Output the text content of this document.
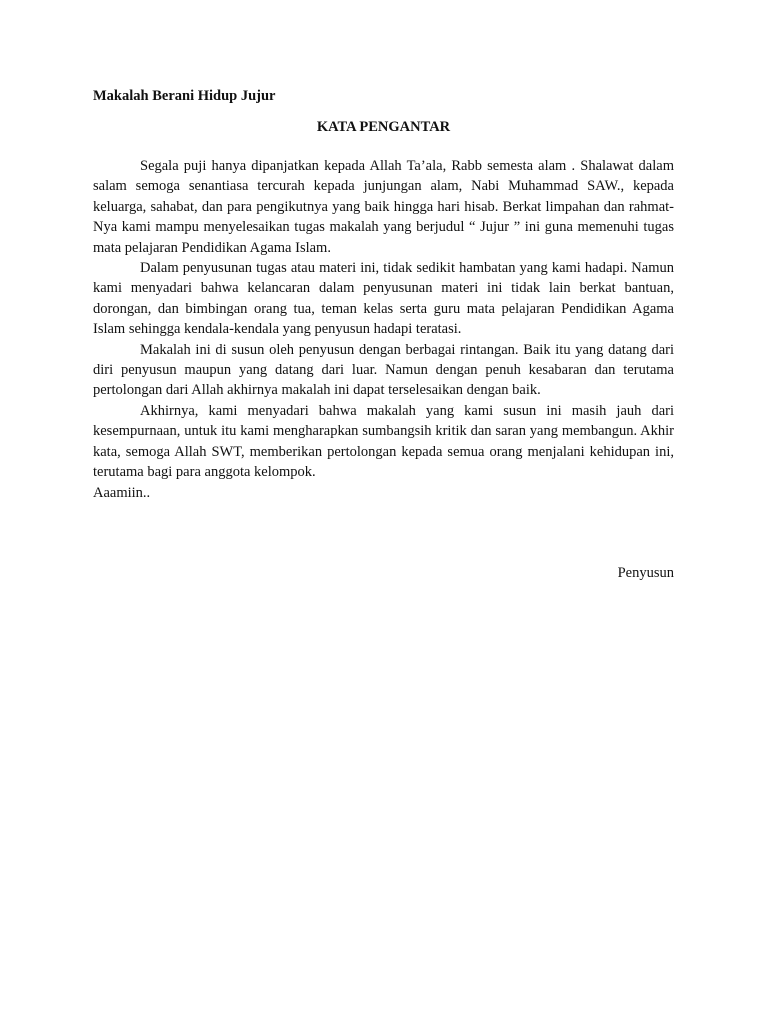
Makalah Berani Hidup Jujur
KATA PENGANTAR

Segala puji hanya dipanjatkan kepada Allah Ta’ala, Rabb semesta alam . Shalawat dalam salam semoga senantiasa tercurah kepada junjungan alam, Nabi Muhammad SAW., kepada keluarga, sahabat, dan para pengikutnya yang baik hingga hari hisab. Berkat limpahan dan rahmat-Nya kami mampu menyelesaikan tugas makalah yang berjudul “ Jujur ” ini guna memenuhi tugas mata pelajaran Pendidikan Agama Islam.

Dalam penyusunan tugas atau materi ini, tidak sedikit hambatan yang kami hadapi. Namun kami menyadari bahwa kelancaran dalam penyusunan materi ini tidak lain berkat bantuan, dorongan, dan bimbingan orang tua, teman kelas serta guru mata pelajaran Pendidikan Agama Islam sehingga kendala-kendala yang penyusun hadapi teratasi.

Makalah ini di susun oleh penyusun dengan berbagai rintangan. Baik itu yang datang dari diri penyusun maupun yang datang dari luar. Namun dengan penuh kesabaran dan terutama pertolongan dari Allah akhirnya makalah ini dapat terselesaikan dengan baik.

Akhirnya, kami menyadari bahwa makalah yang kami susun ini masih jauh dari kesempurnaan, untuk itu kami mengharapkan sumbangsih kritik dan saran yang membangun. Akhir kata, semoga Allah SWT, memberikan pertolongan kepada semua orang menjalani kehidupan ini, terutama bagi para anggota kelompok.

Aaamiin..

Penyusun
